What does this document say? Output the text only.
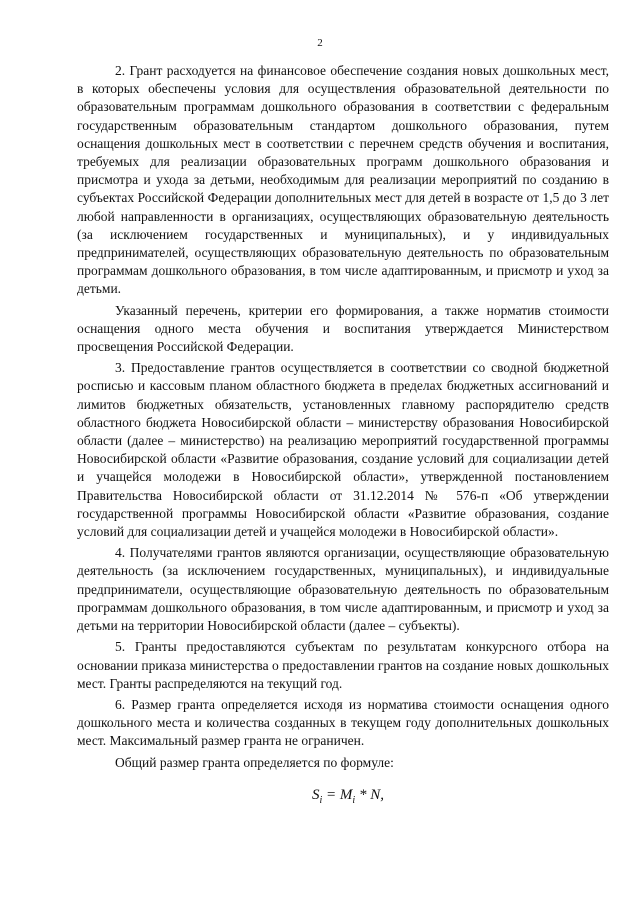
2

2. Грант расходуется на финансовое обеспечение создания новых дошкольных мест, в которых обеспечены условия для осуществления образовательной деятельности по образовательным программам дошкольного образования в соответствии с федеральным государственным образовательным стандартом дошкольного образования, путем оснащения дошкольных мест в соответствии с перечнем средств обучения и воспитания, требуемых для реализации образовательных программ дошкольного образования и присмотра и ухода за детьми, необходимым для реализации мероприятий по созданию в субъектах Российской Федерации дополнительных мест для детей в возрасте от 1,5 до 3 лет любой направленности в организациях, осуществляющих образовательную деятельность (за исключением государственных и муниципальных), и у индивидуальных предпринимателей, осуществляющих образовательную деятельность по образовательным программам дошкольного образования, в том числе адаптированным, и присмотр и уход за детьми.

Указанный перечень, критерии его формирования, а также норматив стоимости оснащения одного места обучения и воспитания утверждается Министерством просвещения Российской Федерации.

3. Предоставление грантов осуществляется в соответствии со сводной бюджетной росписью и кассовым планом областного бюджета в пределах бюджетных ассигнований и лимитов бюджетных обязательств, установленных главному распорядителю средств областного бюджета Новосибирской области – министерству образования Новосибирской области (далее – министерство) на реализацию мероприятий государственной программы Новосибирской области «Развитие образования, создание условий для социализации детей и учащейся молодежи в Новосибирской области», утвержденной постановлением Правительства Новосибирской области от 31.12.2014 № 576-п «Об утверждении государственной программы Новосибирской области «Развитие образования, создание условий для социализации детей и учащейся молодежи в Новосибирской области».

4. Получателями грантов являются организации, осуществляющие образовательную деятельность (за исключением государственных, муниципальных), и индивидуальные предприниматели, осуществляющие образовательную деятельность по образовательным программам дошкольного образования, в том числе адаптированным, и присмотр и уход за детьми на территории Новосибирской области (далее – субъекты).

5. Гранты предоставляются субъектам по результатам конкурсного отбора на основании приказа министерства о предоставлении грантов на создание новых дошкольных мест. Гранты распределяются на текущий год.

6. Размер гранта определяется исходя из норматива стоимости оснащения одного дошкольного места и количества созданных в текущем году дополнительных дошкольных мест. Максимальный размер гранта не ограничен.

Общий размер гранта определяется по формуле:

$S_i = M_i * N$,
